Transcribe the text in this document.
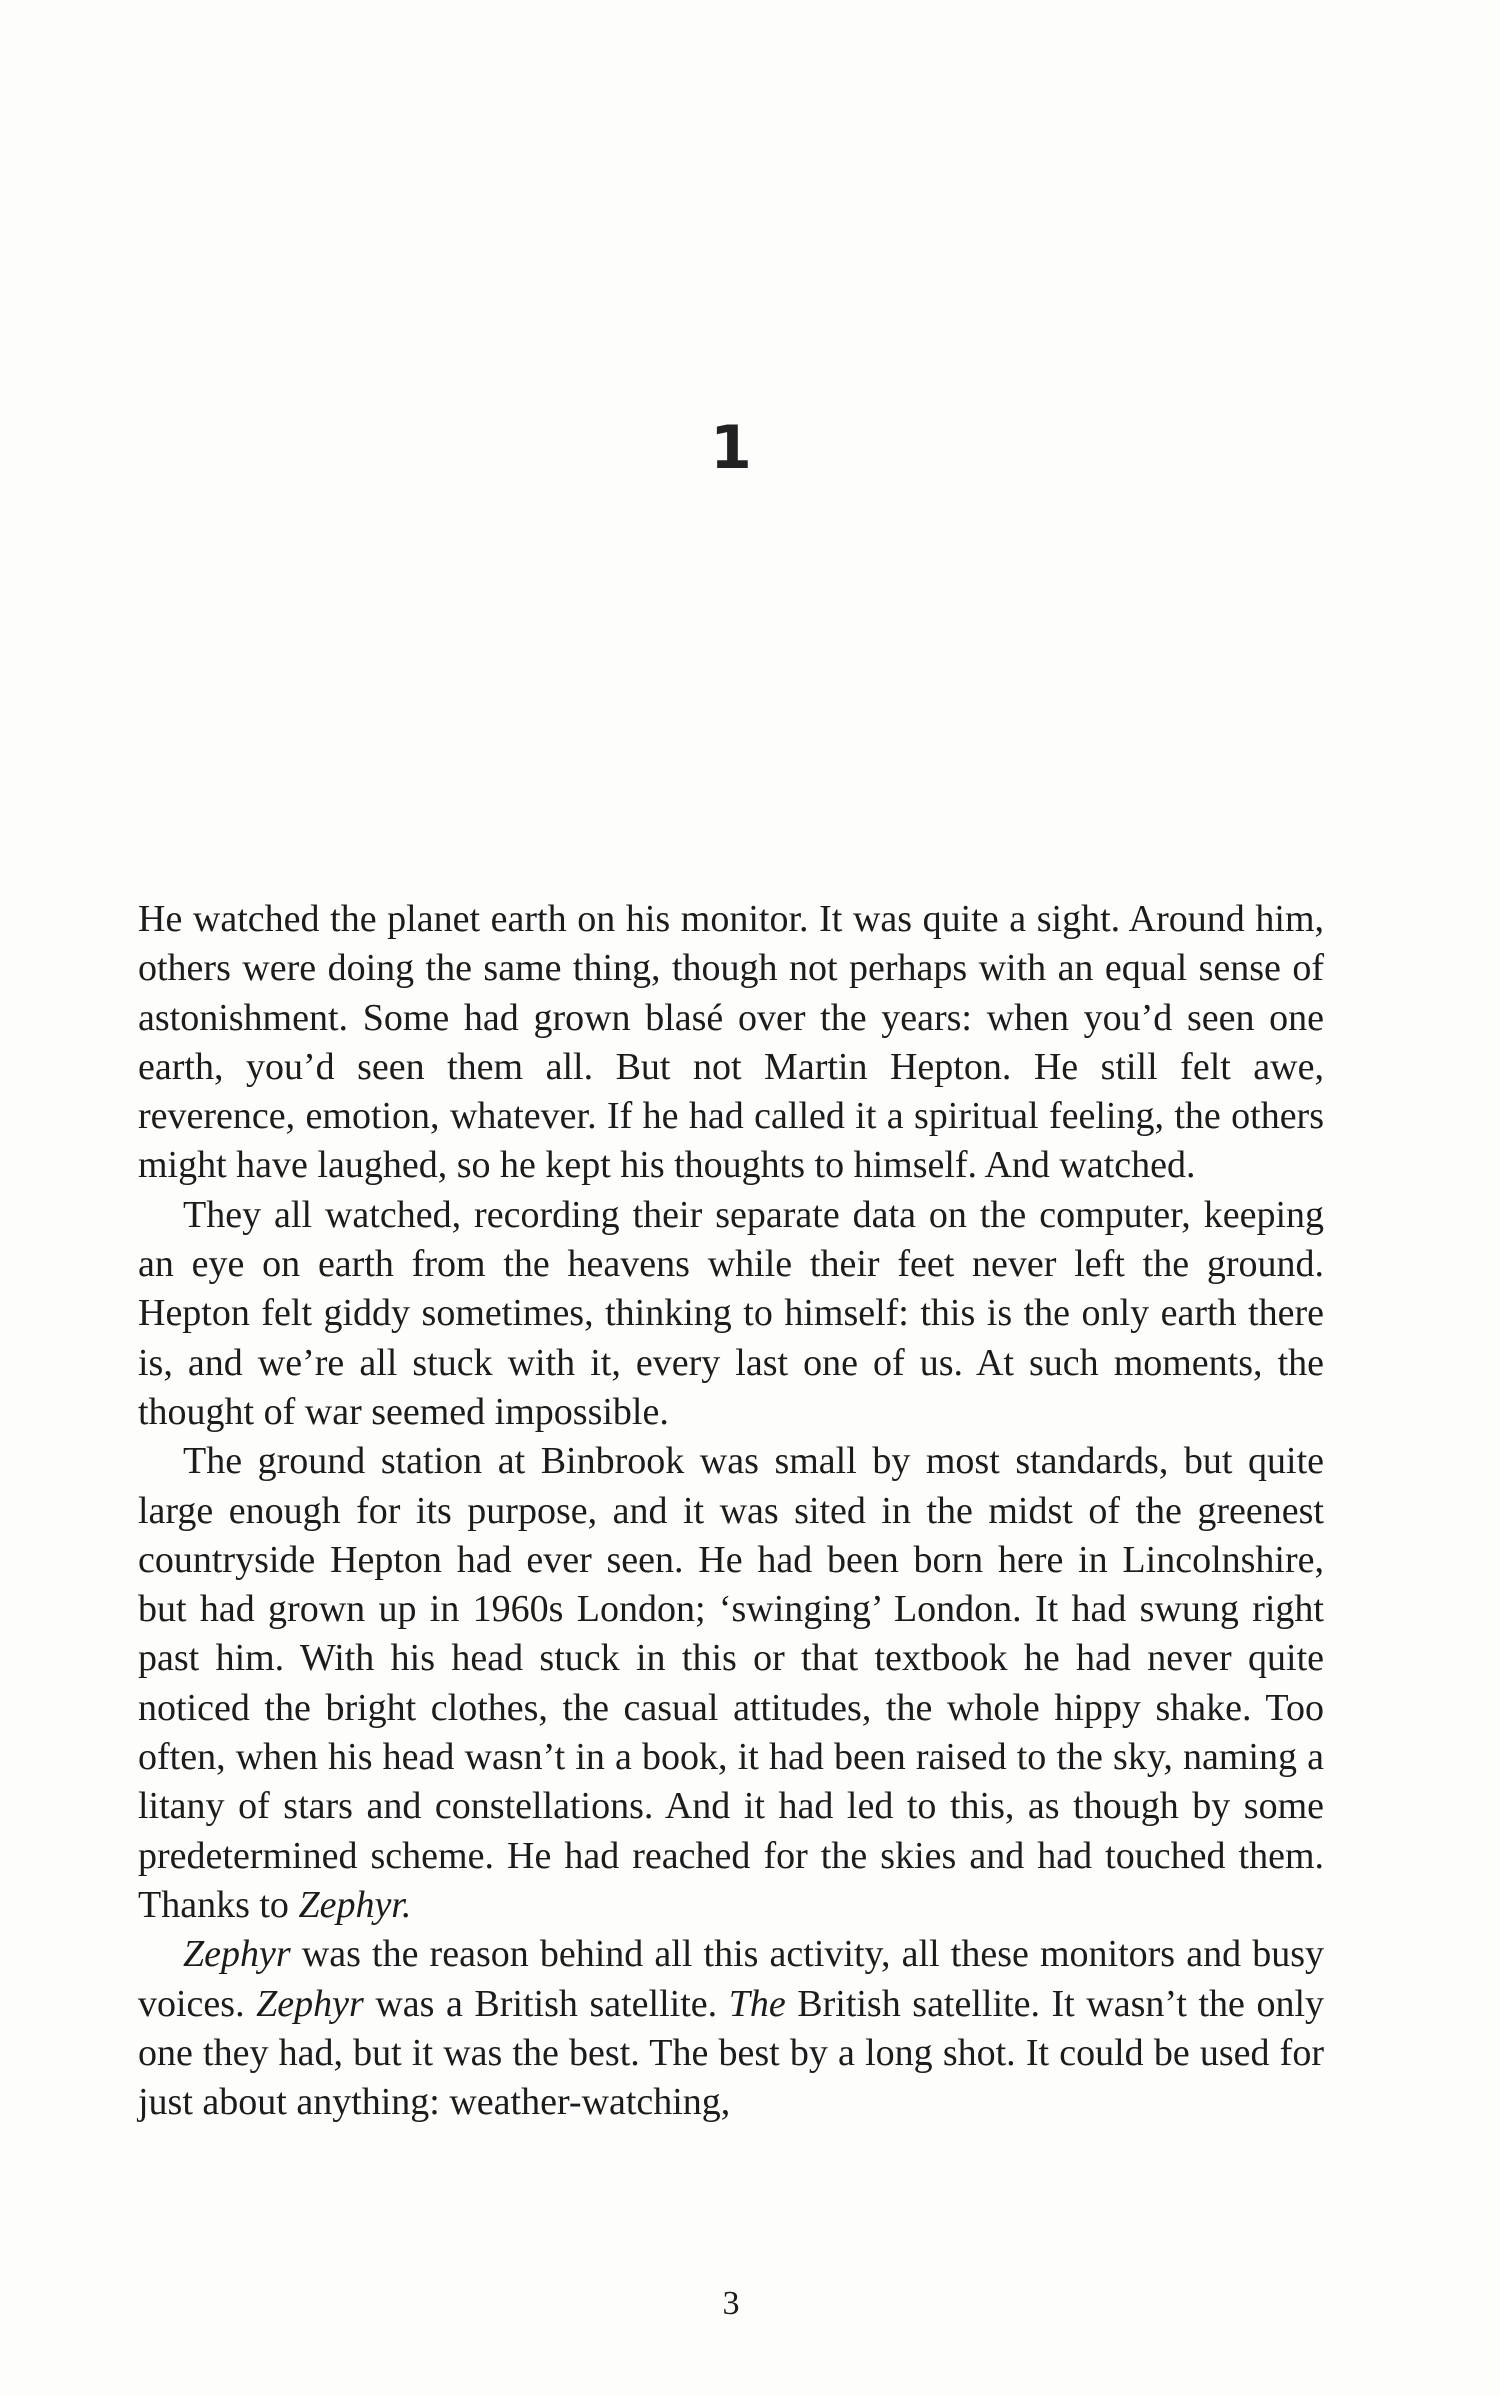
1

He watched the planet earth on his monitor. It was quite a sight. Around him, others were doing the same thing, though not perhaps with an equal sense of astonishment. Some had grown blasé over the years: when you’d seen one earth, you’d seen them all. But not Martin Hepton. He still felt awe, reverence, emotion, whatever. If he had called it a spiritual feeling, the others might have laughed, so he kept his thoughts to himself. And watched.

They all watched, recording their separate data on the computer, keeping an eye on earth from the heavens while their feet never left the ground. Hepton felt giddy sometimes, thinking to himself: this is the only earth there is, and we’re all stuck with it, every last one of us. At such moments, the thought of war seemed impossible.

The ground station at Binbrook was small by most standards, but quite large enough for its purpose, and it was sited in the midst of the greenest countryside Hepton had ever seen. He had been born here in Lincolnshire, but had grown up in 1960s London; ‘swinging’ London. It had swung right past him. With his head stuck in this or that textbook he had never quite noticed the bright clothes, the casual attitudes, the whole hippy shake. Too often, when his head wasn’t in a book, it had been raised to the sky, naming a litany of stars and constellations. And it had led to this, as though by some predetermined scheme. He had reached for the skies and had touched them. Thanks to Zephyr.

Zephyr was the reason behind all this activity, all these monitors and busy voices. Zephyr was a British satellite. The British satellite. It wasn’t the only one they had, but it was the best. The best by a long shot. It could be used for just about anything: weather-watching,

3
